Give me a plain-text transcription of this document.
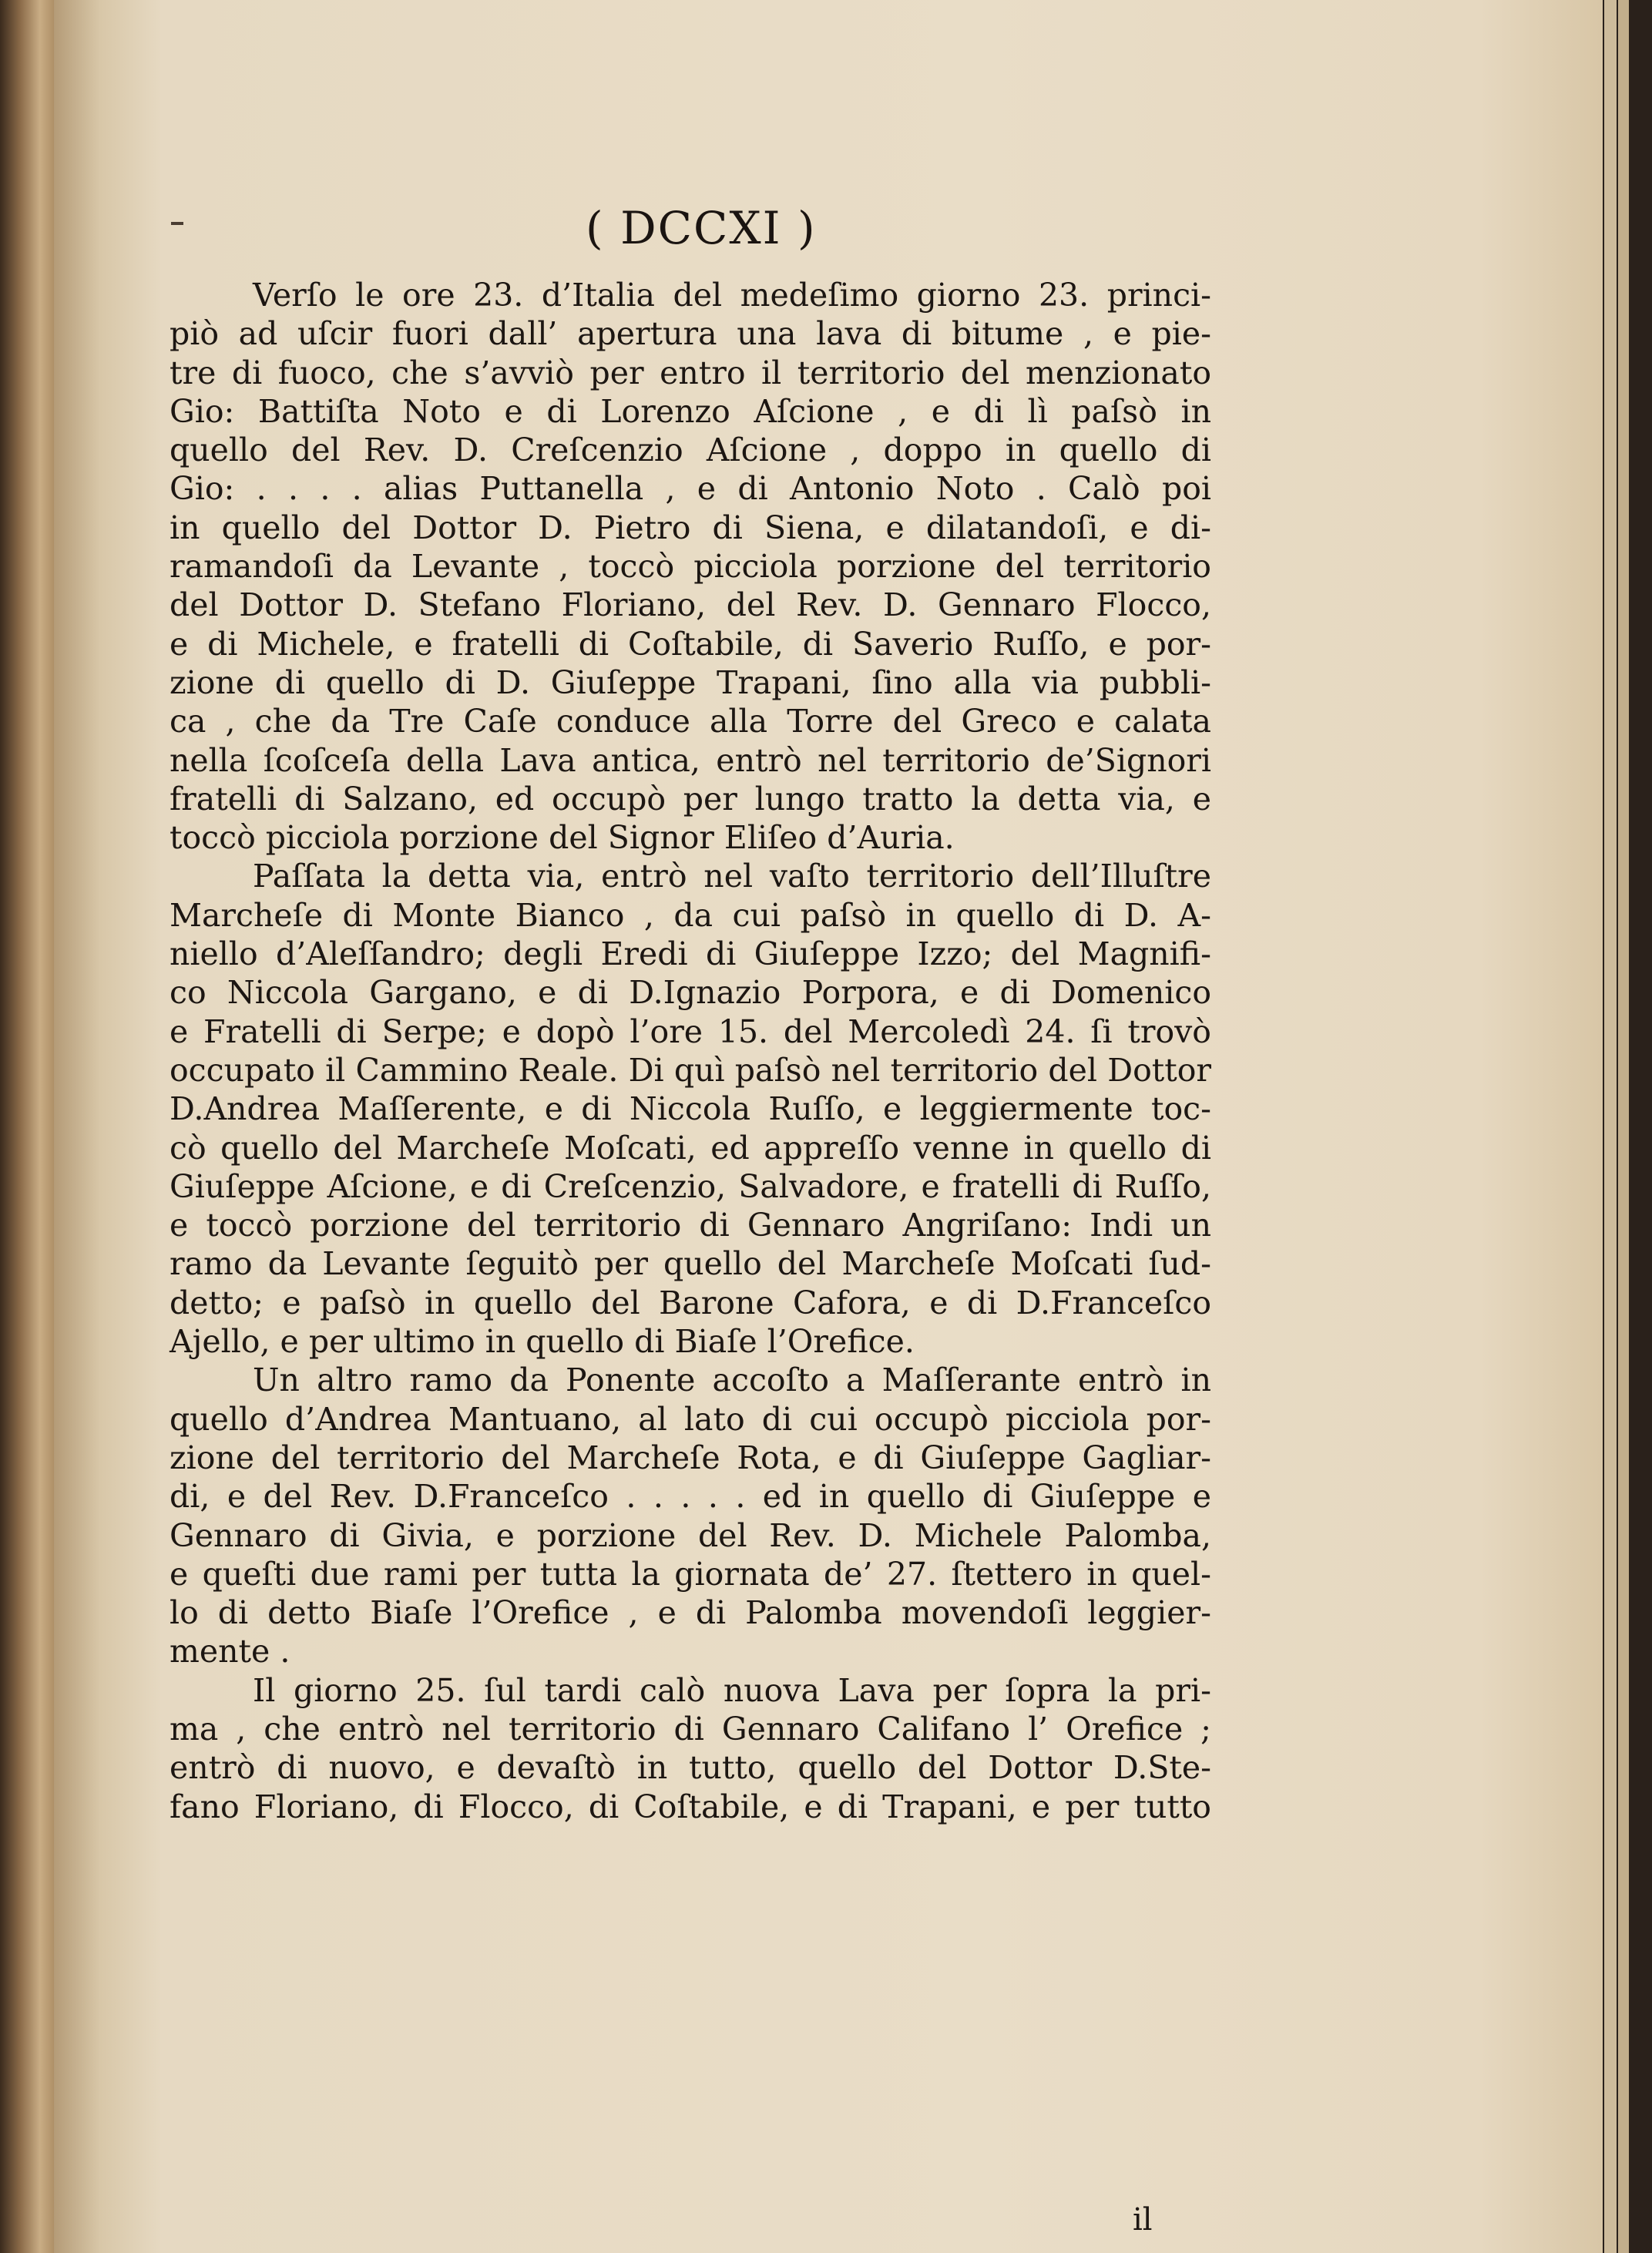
( DCCXI )
Verſo le ore 23. d’Italia del medeſimo giorno 23. princi-
piò ad uſcir fuori dall’ apertura una lava di bitume , e pie-
tre di fuoco, che s’avviò per entro il territorio del menzionato
Gio: Battiſta Noto e di Lorenzo Aſcione , e di lì paſsò in
quello del Rev. D. Creſcenzio Aſcione , doppo in quello di
Gio: . . . . alias Puttanella , e di Antonio Noto . Calò poi
in quello del Dottor D. Pietro di Siena, e dilatandoſi, e di-
ramandoſi da Levante , toccò picciola porzione del territorio
del Dottor D. Stefano Floriano, del Rev. D. Gennaro Flocco,
e di Michele, e fratelli di Coſtabile, di Saverio Ruſſo, e por-
zione di quello di D. Giuſeppe Trapani, ſino alla via pubbli-
ca , che da Tre Caſe conduce alla Torre del Greco e calata
nella ſcoſceſa della Lava antica, entrò nel territorio de’Signori
fratelli di Salzano, ed occupò per lungo tratto la detta via, e
toccò picciola porzione del Signor Eliſeo d’Auria.
Paſſata la detta via, entrò nel vaſto territorio dell’Illuſtre
Marcheſe di Monte Bianco , da cui paſsò in quello di D. A-
niello d’Aleſſandro; degli Eredi di Giuſeppe Izzo; del Magnifi-
co Niccola Gargano, e di D.Ignazio Porpora, e di Domenico
e Fratelli di Serpe; e dopò l’ore 15. del Mercoledì 24. ſi trovò
occupato il Cammino Reale. Di quì paſsò nel territorio del Dottor
D.Andrea Maſſerente, e di Niccola Ruſſo, e leggiermente toc-
cò quello del Marcheſe Moſcati, ed appreſſo venne in quello di
Giuſeppe Aſcione, e di Creſcenzio, Salvadore, e fratelli di Ruſſo,
e toccò porzione del territorio di Gennaro Angriſano: Indi un
ramo da Levante ſeguitò per quello del Marcheſe Moſcati ſud-
detto; e paſsò in quello del Barone Cafora, e di D.Franceſco
Ajello, e per ultimo in quello di Biaſe l’Orefice.
Un altro ramo da Ponente accoſto a Maſſerante entrò in
quello d’Andrea Mantuano, al lato di cui occupò picciola por-
zione del territorio del Marcheſe Rota, e di Giuſeppe Gagliar-
di, e del Rev. D.Franceſco . . . . . ed in quello di Giuſeppe e
Gennaro di Givia, e porzione del Rev. D. Michele Palomba,
e queſti due rami per tutta la giornata de’ 27. ſtettero in quel-
lo di detto Biaſe l’Orefice , e di Palomba movendoſi leggier-
mente .
Il giorno 25. ſul tardi calò nuova Lava per ſopra la pri-
ma , che entrò nel territorio di Gennaro Califano l’ Orefice ;
entrò di nuovo, e devaſtò in tutto, quello del Dottor D.Ste-
fano Floriano, di Flocco, di Coſtabile, e di Trapani, e per tutto
il
